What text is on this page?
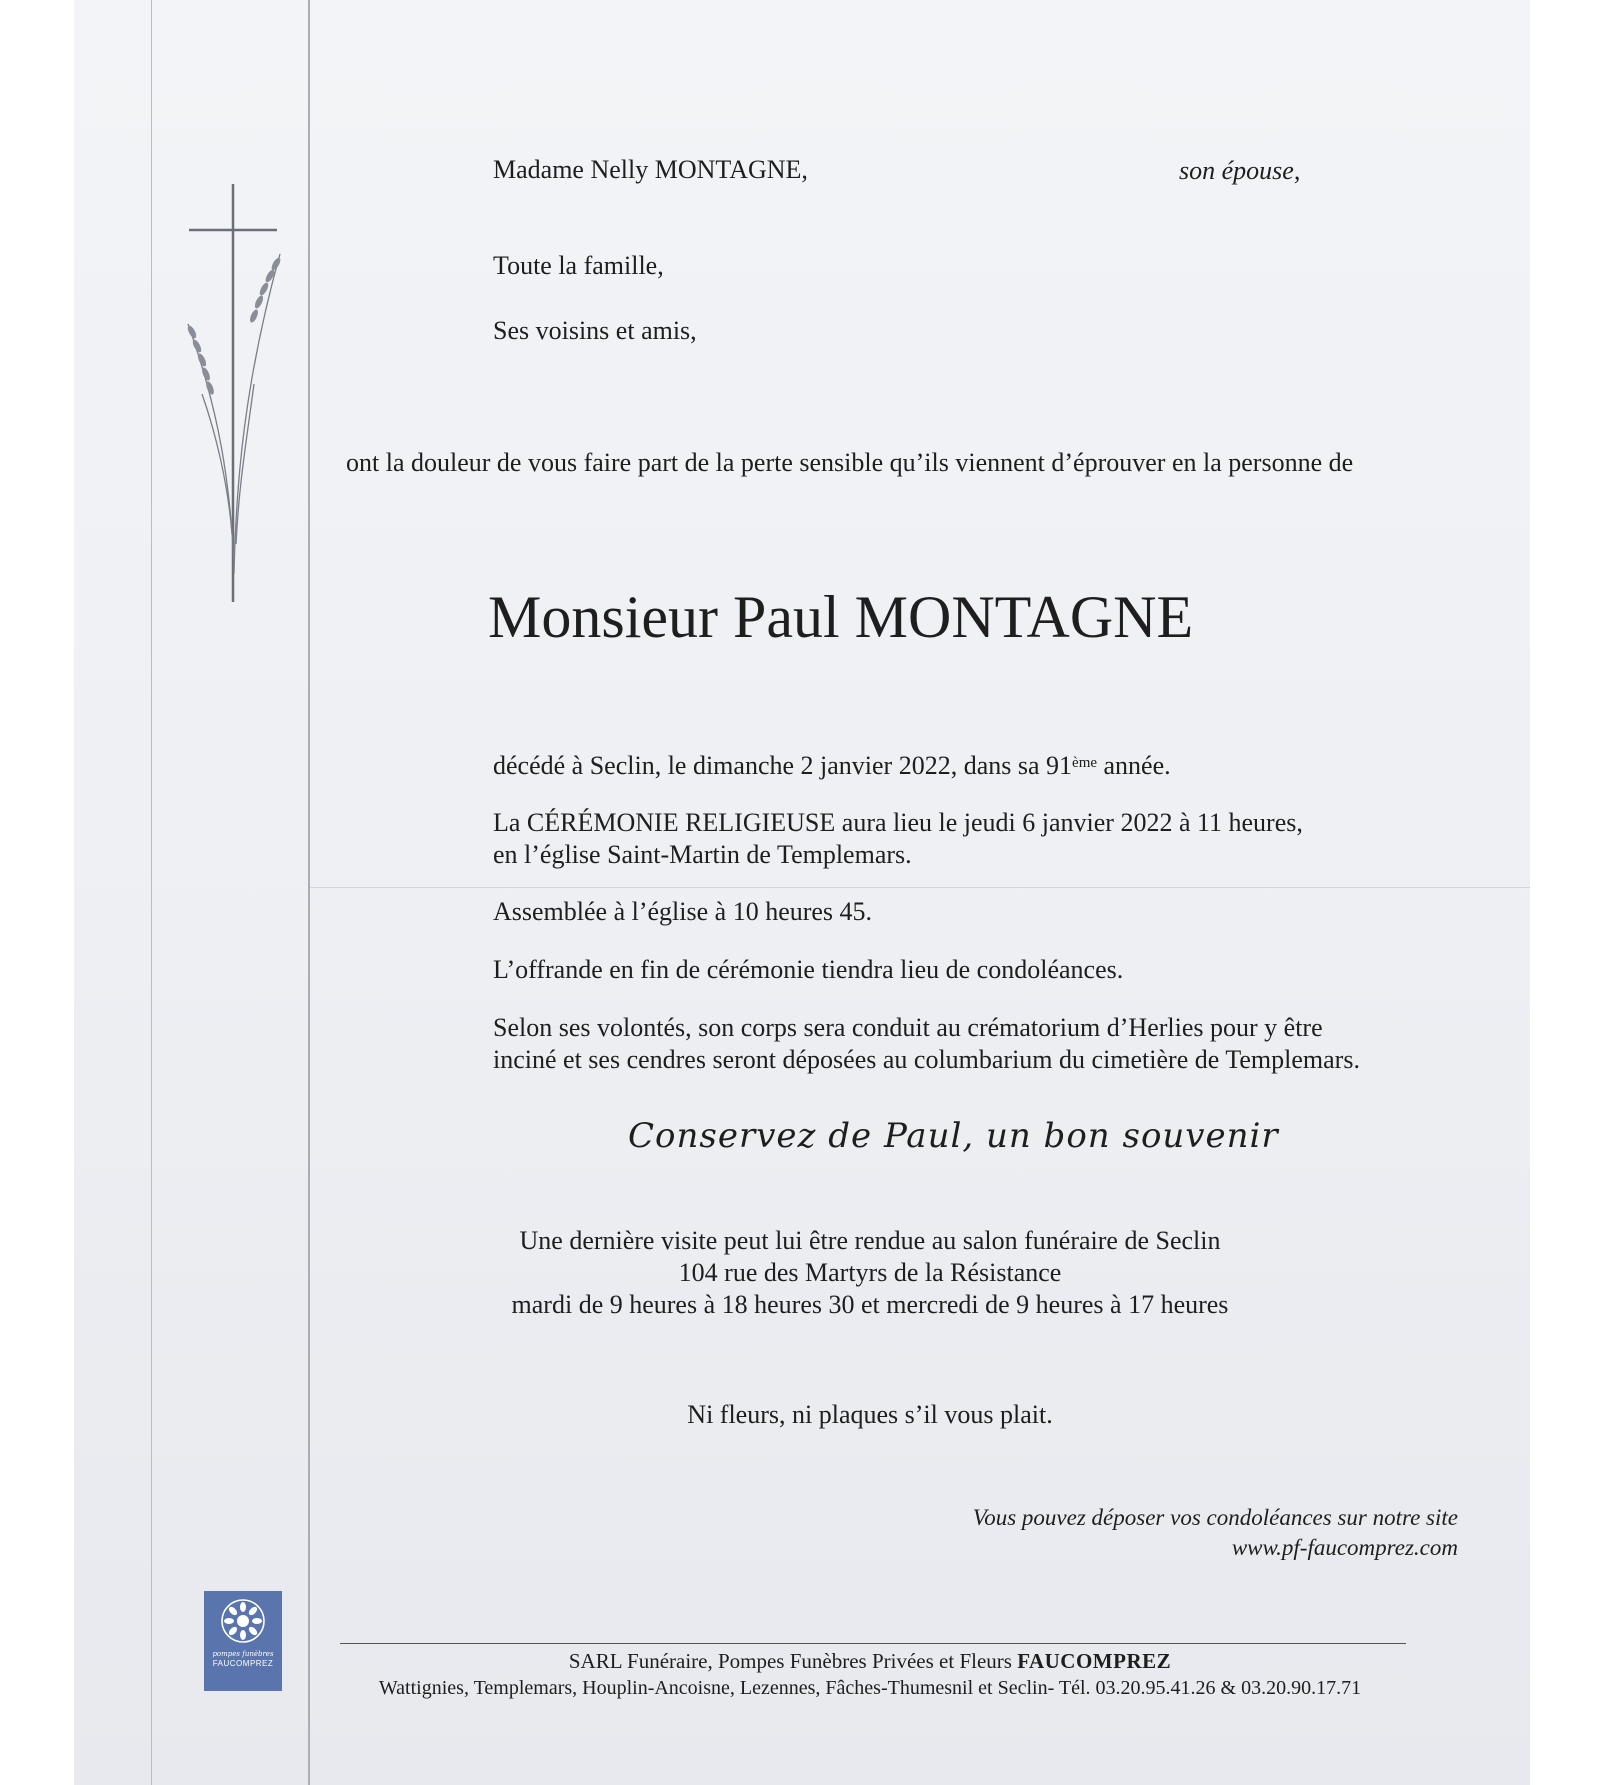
Madame Nelly MONTAGNE,	son épouse,
Toute la famille,
Ses voisins et amis,
ont la douleur de vous faire part de la perte sensible qu’ils viennent d’éprouver en la personne de
Monsieur Paul MONTAGNE
décédé à Seclin, le dimanche 2 janvier 2022, dans sa 91ème année.
La CÉRÉMONIE RELIGIEUSE aura lieu le jeudi 6 janvier 2022 à 11 heures,
en l’église Saint-Martin de Templemars.
Assemblée à l’église à 10 heures 45.
L’offrande en fin de cérémonie tiendra lieu de condoléances.
Selon ses volontés, son corps sera conduit au crématorium d’Herlies pour y être
inciné et ses cendres seront déposées au columbarium du cimetière de Templemars.
Conservez de Paul, un bon souvenir
Une dernière visite peut lui être rendue au salon funéraire de Seclin
104 rue des Martyrs de la Résistance
mardi de 9 heures à 18 heures 30 et mercredi de 9 heures à 17 heures
Ni fleurs, ni plaques s’il vous plait.
Vous pouvez déposer vos condoléances sur notre site
www.pf-faucomprez.com
pompes funèbres
FAUCOMPREZ	SARL Funéraire, Pompes Funèbres Privées et Fleurs FAUCOMPREZ
Wattignies, Templemars, Houplin-Ancoisne, Lezennes, Fâches-Thumesnil et Seclin- Tél. 03.20.95.41.26 & 03.20.90.17.71
